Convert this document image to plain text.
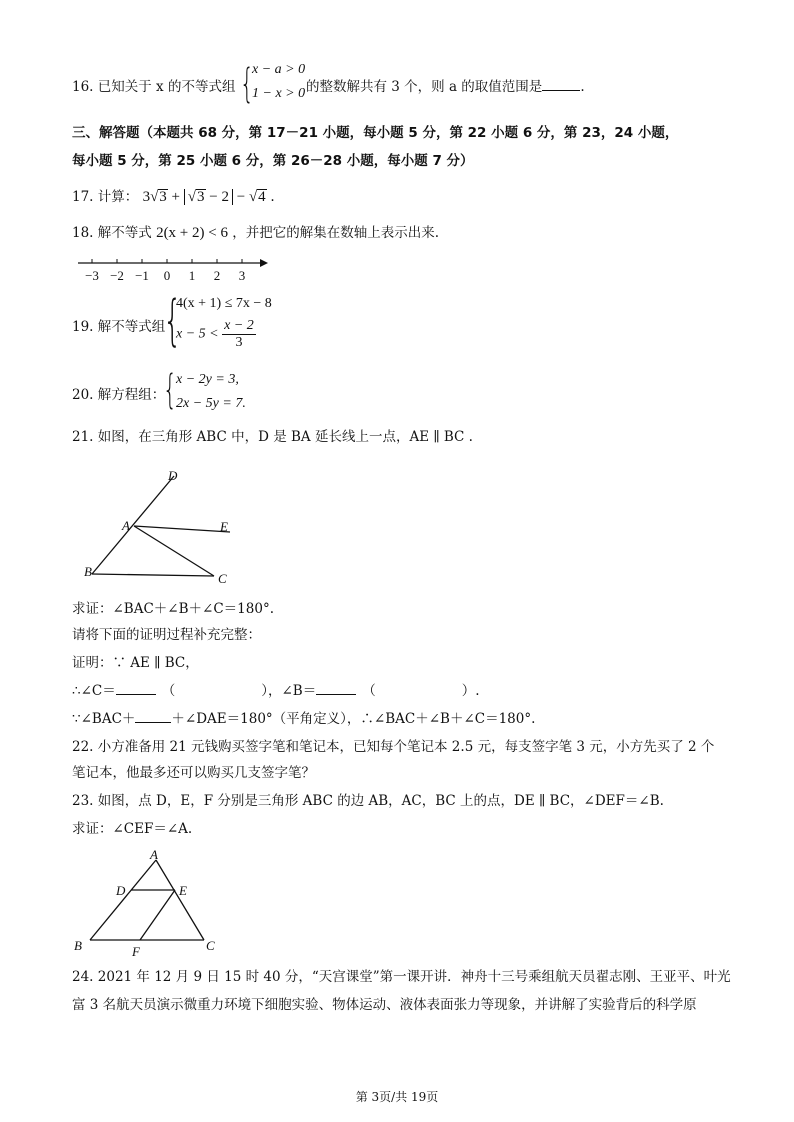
16. 已知关于 x 的不等式组 {
x − a > 0
1 − x > 0 的整数解共有 3 个，则 a 的取值范围是	.
三、解答题（本题共 68 分，第 17－21 小题，每小题 5 分，第 22 小题 6 分，第 23，24 小题，
每小题 5 分，第 25 小题 6 分，第 26－28 小题，每小题 7 分）
17. 计算： 3√3 + √3 − 2 − √4 .
18. 解不等式 2(x + 2) < 6 ，并把它的解集在数轴上表示出来.
−3 −2 −1 0 1 2 3
19. 解不等式组
{
4(x + 1) ≤ 7x − 8
$x - 5 < \frac{x - 2}{3}$
20. 解方程组：
{ x − 2y = 3,
2x − 5y = 7.
21. 如图，在三角形 ABC 中，D 是 BA 延长线上一点，AE ∥ BC .
D
A	E
B	C
求证：∠BAC＋∠B＋∠C＝180°.
请将下面的证明过程补充完整：
证明：∵ AE ∥ BC，
∴∠C＝	（	），∠B＝	（	）.
∵∠BAC＋	＋∠DAE＝180°（平角定义），∴∠BAC＋∠B＋∠C＝180°.
22. 小方准备用 21 元钱购买签字笔和笔记本，已知每个笔记本 2.5 元，每支签字笔 3 元，小方先买了 2 个
笔记本，他最多还可以购买几支签字笔？
23. 如图，点 D，E，F 分别是三角形 ABC 的边 AB，AC，BC 上的点，DE ∥ BC，∠DEF＝∠B.
求证：∠CEF＝∠A.
A
D	E
B	F	C
24. 2021 年 12 月 9 日 15 时 40 分，“天宫课堂”第一课开讲．神舟十三号乘组航天员翟志刚、王亚平、叶光
富 3 名航天员演示微重力环境下细胞实验、物体运动、液体表面张力等现象，并讲解了实验背后的科学原
第 3页/共 19页
